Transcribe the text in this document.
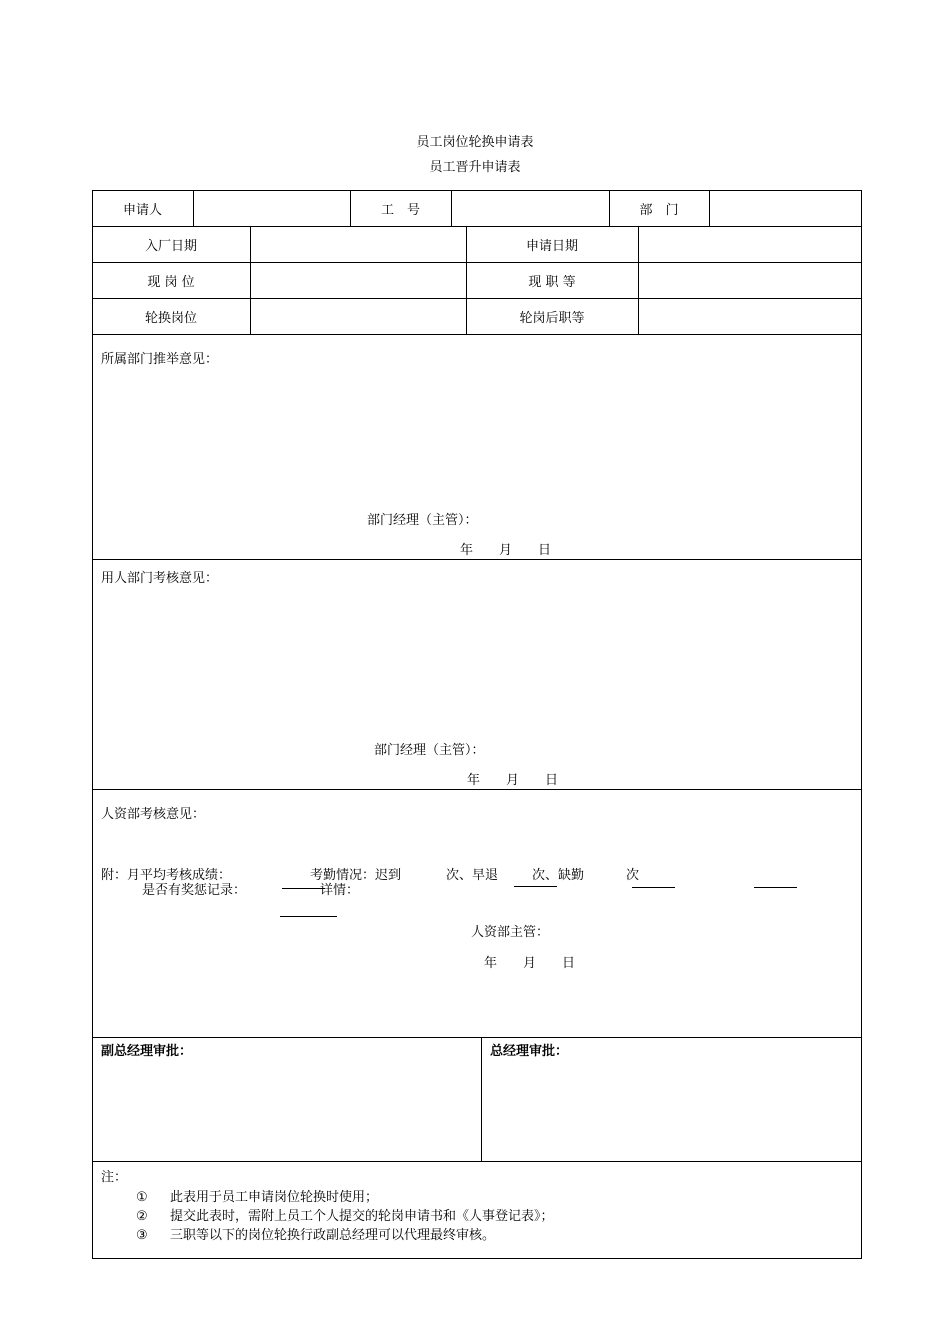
员工岗位轮换申请表
员工晋升申请表
申请人	工　号	部　门
入厂日期	申请日期
现 岗 位	现 职 等
轮换岗位	轮岗后职等
所属部门推举意见：
部门经理（主管）：
年　　月　　日
用人部门考核意见：
部门经理（主管）：
年　　月　　日
人资部考核意见：
附：月平均考核成绩：	考勤情况：迟到	次、早退	次、缺勤	次
是否有奖惩记录：	详情：
人资部主管：
年　　月　　日
副总经理审批：	总经理审批：
注：
① 此表用于员工申请岗位轮换时使用；
② 提交此表时，需附上员工个人提交的轮岗申请书和《人事登记表》；
③ 三职等以下的岗位轮换行政副总经理可以代理最终审核。
